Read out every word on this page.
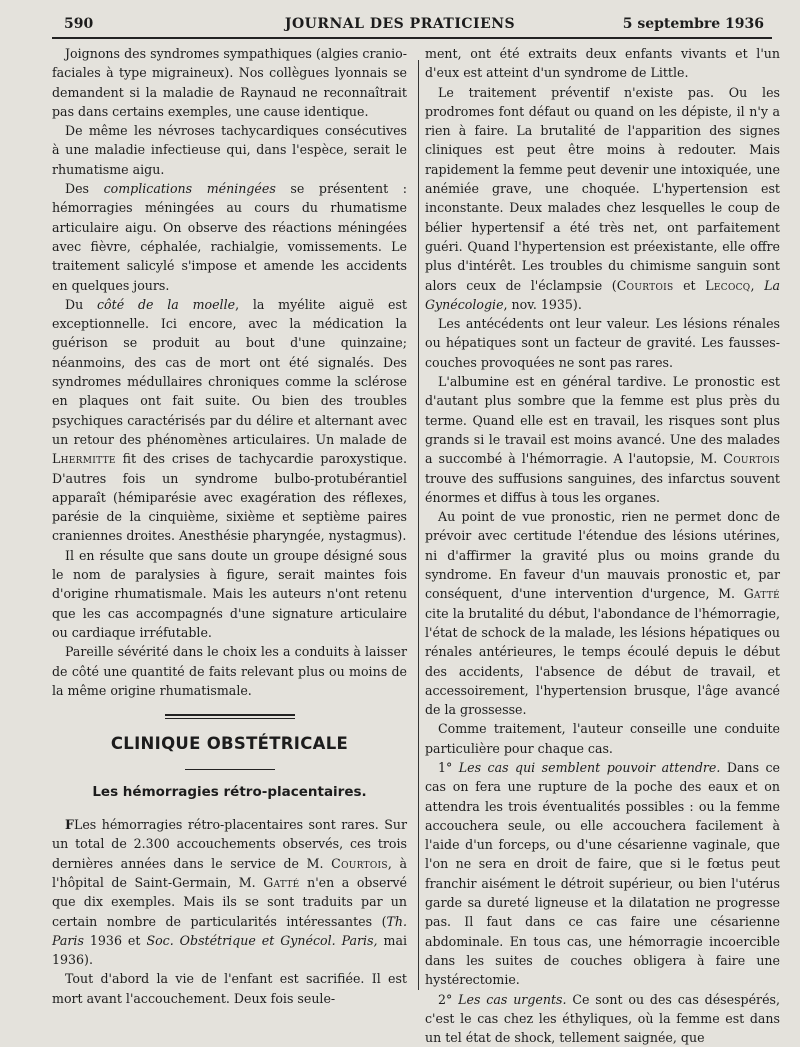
590	JOURNAL DES PRATICIENS	5 septembre 1936

Joignons des syndromes sympathiques (algies cranio-faciales à type migraineux). Nos collègues lyonnais se demandent si la maladie de Raynaud ne reconnaîtrait pas dans certains exemples, une cause identique.

De même les névroses tachycardiques consécutives à une maladie infectieuse qui, dans l'espèce, serait le rhumatisme aigu.

Des complications méningées se présentent : hémorragies méningées au cours du rhumatisme articulaire aigu. On observe des réactions méningées avec fièvre, céphalée, rachialgie, vomissements. Le traitement salicylé s'impose et amende les accidents en quelques jours.

Du côté de la moelle, la myélite aiguë est exceptionnelle. Ici encore, avec la médication la guérison se produit au bout d'une quinzaine; néanmoins, des cas de mort ont été signalés. Des syndromes médullaires chroniques comme la sclérose en plaques ont fait suite. Ou bien des troubles psychiques caractérisés par du délire et alternant avec un retour des phénomènes articulaires. Un malade de Lhermitte fit des crises de tachycardie paroxystique. D'autres fois un syndrome bulbo-protubérantiel apparaît (hémiparésie avec exagération des réflexes, parésie de la cinquième, sixième et septième paires craniennes droites. Anesthésie pharyngée, nystagmus).

Il en résulte que sans doute un groupe désigné sous le nom de paralysies à figure, serait maintes fois d'origine rhumatismale. Mais les auteurs n'ont retenu que les cas accompagnés d'une signature articulaire ou cardiaque irréfutable.

Pareille sévérité dans le choix les a conduits à laisser de côté une quantité de faits relevant plus ou moins de la même origine rhumatismale.

CLINIQUE OBSTÉTRICALE
Les hémorragies rétro-placentaires.

FLes hémorragies rétro-placentaires sont rares. Sur un total de 2.300 accouchements observés, ces trois dernières années dans le service de M. Courtois, à l'hôpital de Saint-Germain, M. Gatté n'en a observé que dix exemples. Mais ils se sont traduits par un certain nombre de particularités intéressantes (Th. Paris 1936 et Soc. Obstétrique et Gynécol. Paris, mai 1936).

Tout d'abord la vie de l'enfant est sacrifiée. Il est mort avant l'accouchement. Deux fois seule-

ment, ont été extraits deux enfants vivants et l'un d'eux est atteint d'un syndrome de Little.

Le traitement préventif n'existe pas. Ou les prodromes font défaut ou quand on les dépiste, il n'y a rien à faire. La brutalité de l'apparition des signes cliniques est peut être moins à redouter. Mais rapidement la femme peut devenir une intoxiquée, une anémiée grave, une choquée. L'hypertension est inconstante. Deux malades chez lesquelles le coup de bélier hypertensif a été très net, ont parfaitement guéri. Quand l'hypertension est préexistante, elle offre plus d'intérêt. Les troubles du chimisme sanguin sont alors ceux de l'éclampsie (Courtois et Lecocq, La Gynécologie, nov. 1935).

Les antécédents ont leur valeur. Les lésions rénales ou hépatiques sont un facteur de gravité. Les fausses-couches provoquées ne sont pas rares.

L'albumine est en général tardive. Le pronostic est d'autant plus sombre que la femme est plus près du terme. Quand elle est en travail, les risques sont plus grands si le travail est moins avancé. Une des malades a succombé à l'hémorragie. A l'autopsie, M. Courtois trouve des suffusions sanguines, des infarctus souvent énormes et diffus à tous les organes.

Au point de vue pronostic, rien ne permet donc de prévoir avec certitude l'étendue des lésions utérines, ni d'affirmer la gravité plus ou moins grande du syndrome. En faveur d'un mauvais pronostic et, par conséquent, d'une intervention d'urgence, M. Gatté cite la brutalité du début, l'abondance de l'hémorragie, l'état de schock de la malade, les lésions hépatiques ou rénales antérieures, le temps écoulé depuis le début des accidents, l'absence de début de travail, et accessoirement, l'hypertension brusque, l'âge avancé de la grossesse.

Comme traitement, l'auteur conseille une conduite particulière pour chaque cas.

1° Les cas qui semblent pouvoir attendre. Dans ce cas on fera une rupture de la poche des eaux et on attendra les trois éventualités possibles : ou la femme accouchera seule, ou elle accouchera facilement à l'aide d'un forceps, ou d'une césarienne vaginale, que l'on ne sera en droit de faire, que si le fœtus peut franchir aisément le détroit supérieur, ou bien l'utérus garde sa dureté ligneuse et la dilatation ne progresse pas. Il faut dans ce cas faire une césarienne abdominale. En tous cas, une hémorragie incoercible dans les suites de couches obligera à faire une hystérectomie.

2° Les cas urgents. Ce sont ou des cas désespérés, c'est le cas chez les éthyliques, où la femme est dans un tel état de shock, tellement saignée, que
